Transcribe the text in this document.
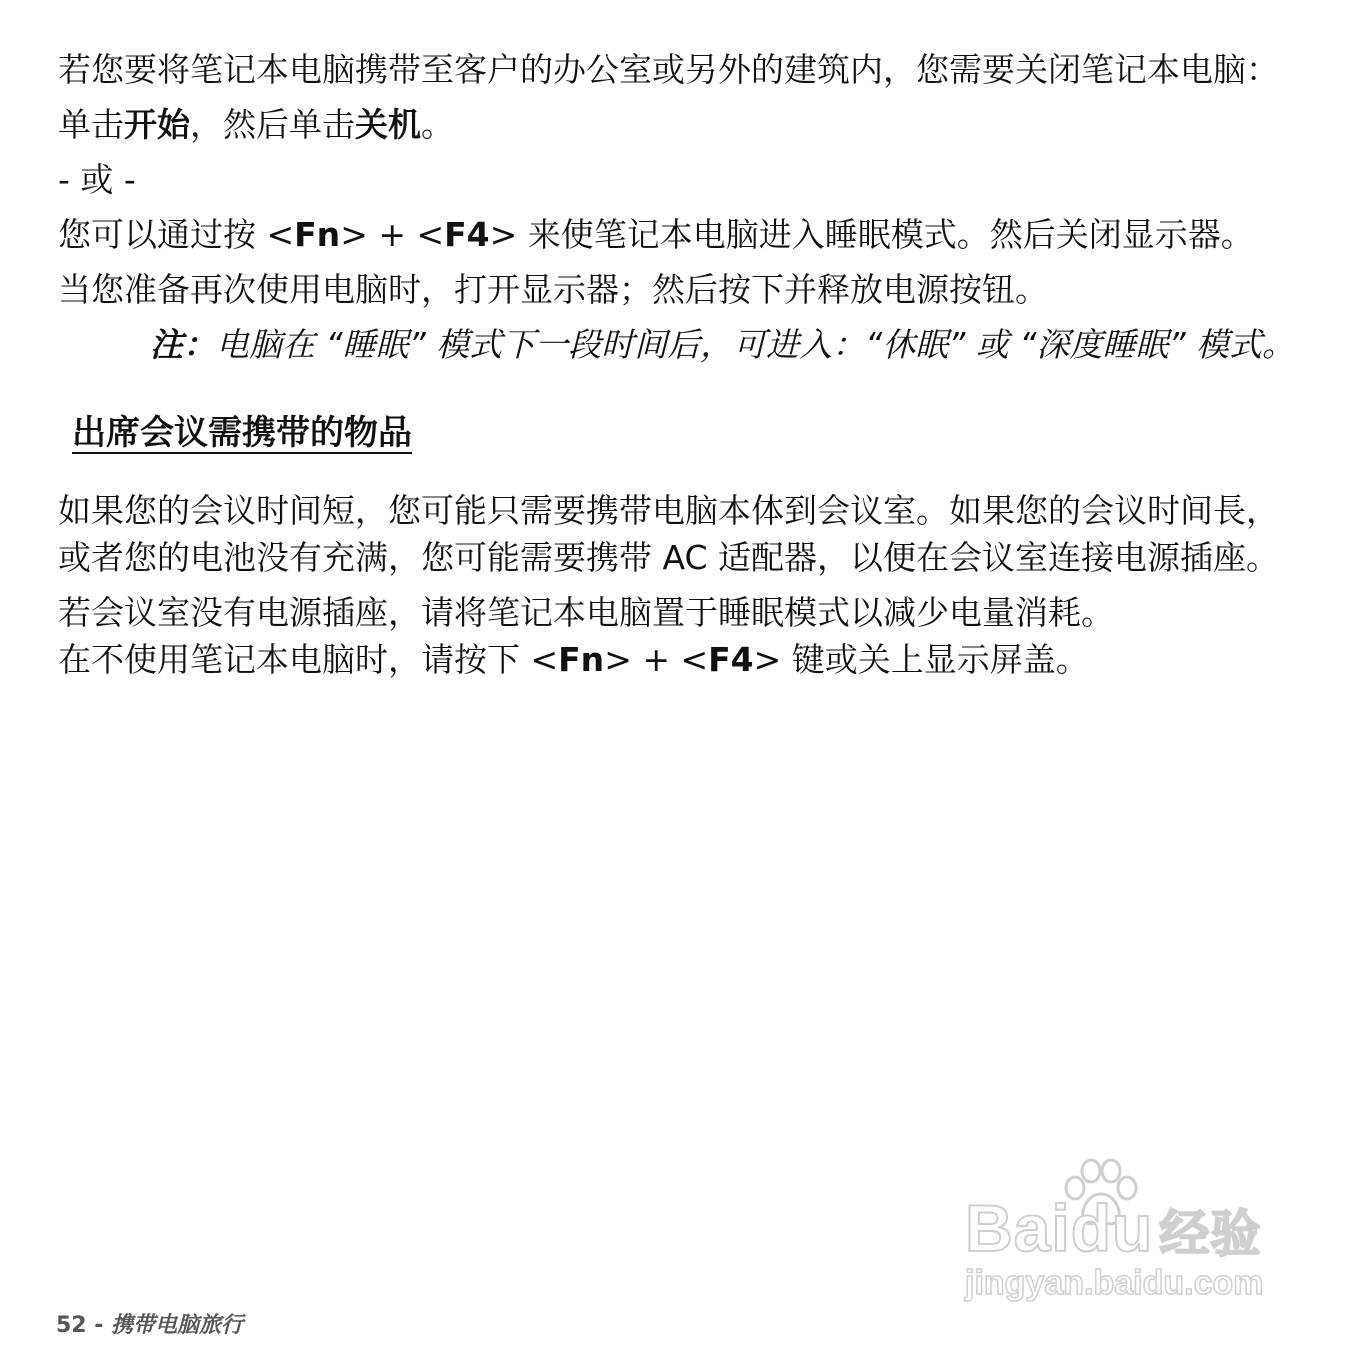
若您要将笔记本电脑携带至客户的办公室或另外的建筑内，您需要关闭笔记本电脑：

单击开始，然后单击关机。

- 或 -

您可以通过按 <Fn> + <F4> 来使笔记本电脑进入睡眠模式。然后关闭显示器。

当您准备再次使用电脑时，打开显示器；然后按下并释放电源按钮。

注：电脑在 “睡眠” 模式下一段时间后，可进入：“休眠” 或 “深度睡眠” 模式。

出席会议需携带的物品

如果您的会议时间短，您可能只需要携带电脑本体到会议室。如果您的会议时间長，或者您的电池没有充满，您可能需要携带 AC 适配器，以便在会议室连接电源插座。

若会议室没有电源插座，请将笔记本电脑置于睡眠模式以减少电量消耗。
在不使用笔记本电脑时，请按下 <Fn> + <F4> 键或关上显示屏盖。

Baidu 经验
jingyan.baidu.com
52 - 携带电脑旅行
